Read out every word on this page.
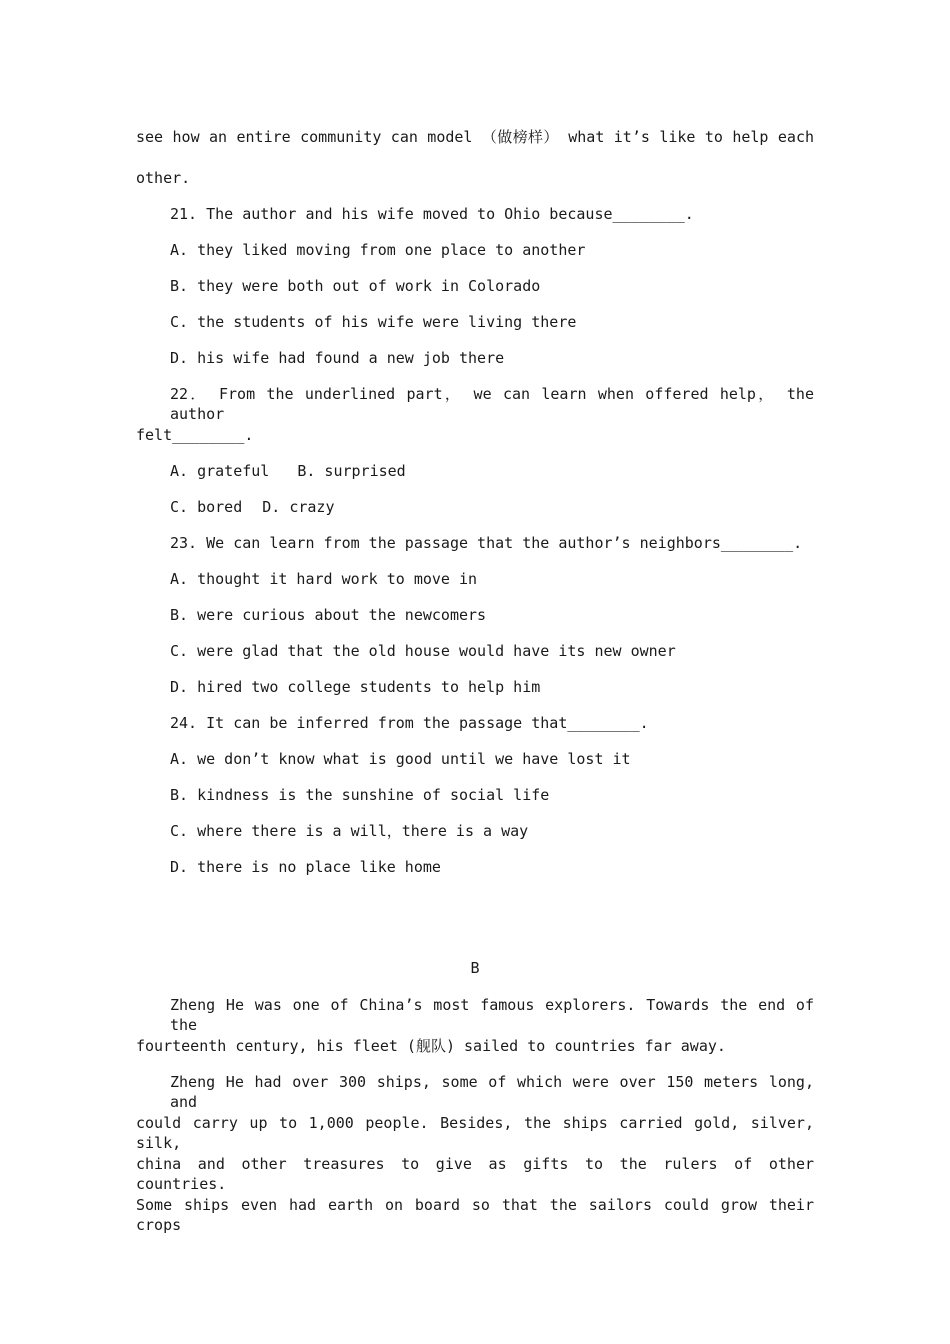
see how an entire community can model （做榜样） what it’s like to help each
other.
21. The author and his wife moved to Ohio because________.
A. they liked moving from one place to another
B. they were both out of work in Colorado
C. the students of his wife were living there
D. his wife had found a new job there
22． From the underlined part， we can learn when offered help， the author
felt________.
A. grateful B. surprised
C. bored D. crazy
23. We can learn from the passage that the author’s neighbors________.
A. thought it hard work to move in
B. were curious about the newcomers
C. were glad that the old house would have its new owner
D. hired two college students to help him
24. It can be inferred from the passage that________.
A. we don’t know what is good until we have lost it
B. kindness is the sunshine of social life
C. where there is a will，there is a way
D. there is no place like home
B
Zheng He was one of China’s most famous explorers. Towards the end of the
fourteenth century, his fleet (舰队) sailed to countries far away.
Zheng He had over 300 ships, some of which were over 150 meters long, and
could carry up to 1,000 people. Besides, the ships carried gold, silver, silk,
china and other treasures to give as gifts to the rulers of other countries.
Some ships even had earth on board so that the sailors could grow their crops
